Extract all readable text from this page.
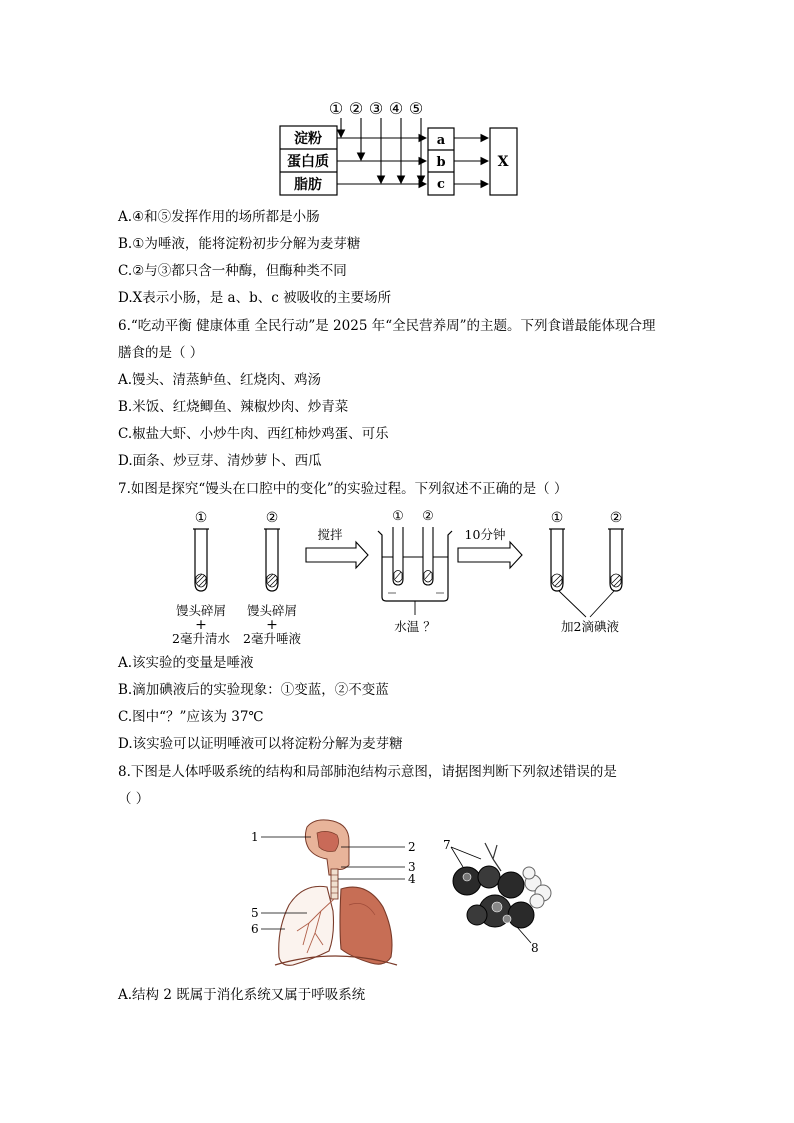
① ② ③ ④ ⑤
淀粉
蛋白质
脂肪
a
b
c
X
A.④和⑤发挥作用的场所都是小肠
B.①为唾液，能将淀粉初步分解为麦芽糖
C.②与③都只含一种酶，但酶种类不同
D.X表示小肠，是 a、b、c 被吸收的主要场所
6.“吃动平衡 健康体重 全民行动”是 2025 年“全民营养周”的主题。下列食谱最能体现合理
膳食的是（ ）
A.馒头、清蒸鲈鱼、红烧肉、鸡汤
B.米饭、红烧鲫鱼、辣椒炒肉、炒青菜
C.椒盐大虾、小炒牛肉、西红柿炒鸡蛋、可乐
D.面条、炒豆芽、清炒萝卜、西瓜
7.如图是探究“馒头在口腔中的变化”的实验过程。下列叙述不正确的是（ ）
①
馒头碎屑
+
2毫升清水
②
馒头碎屑
+
2毫升唾液
搅拌
① ②
水温 ？
10分钟
①	②
加2滴碘液
A.该实验的变量是唾液
B.滴加碘液后的实验现象：①变蓝，②不变蓝
C.图中“？”应该为 37℃
D.该实验可以证明唾液可以将淀粉分解为麦芽糖
8.下图是人体呼吸系统的结构和局部肺泡结构示意图，请据图判断下列叙述错误的是
（ ）
1
5
6
2
3
4
7
8
A.结构 2 既属于消化系统又属于呼吸系统
